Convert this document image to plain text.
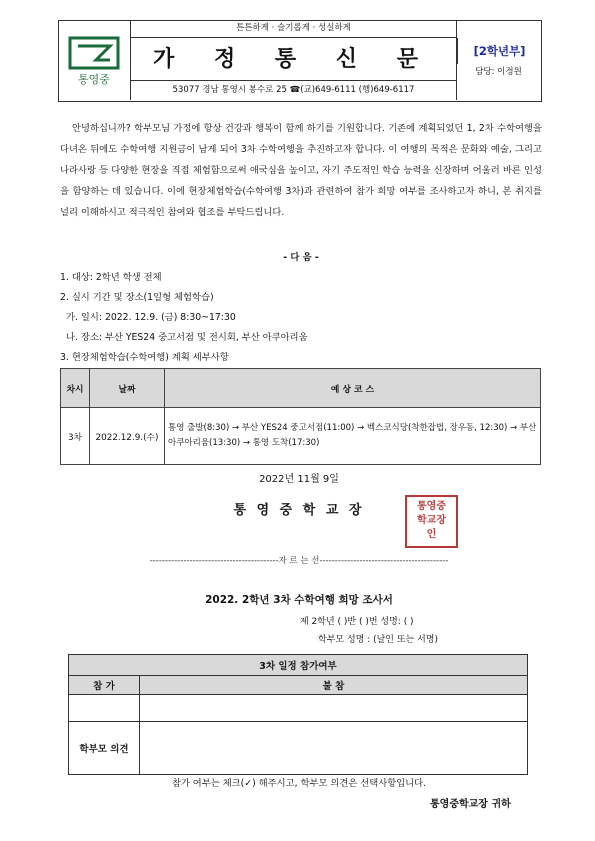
통영중
튼튼하게 · 슬기롭게 · 성실하게
가 정 통 신 문
53077 경남 통영시 봉수로 25 ☎(교)649-6111 (행)649-6117
[2학년부]
담당: 이정원
안녕하십니까? 학부모님 가정에 항상 건강과 행복이 함께 하기를 기원합니다. 기존에 계획되었던 1, 2차 수학여행을 다녀온 뒤에도 수학여행 지원금이 남게 되어 3차 수학여행을 추진하고자 합니다. 이 여행의 목적은 문화와 예술, 그리고 나라사랑 등 다양한 현장을 직접 체험함으로써 애국심을 높이고, 자기 주도적인 학습 능력을 신장하며 어울러 바른 인성을 함양하는 데 있습니다. 이에 현장체험학습(수학여행 3차)과 관련하여 참가 희망 여부를 조사하고자 하니, 본 취지를 널리 이해하시고 적극적인 참여와 협조를 부탁드립니다.
- 다 음 -
1. 대상: 2학년 학생 전체
2. 실시 기간 및 장소(1일형 체험학습)
가. 일시: 2022. 12.9. (금) 8:30~17:30
나. 장소: 부산 YES24 중고서점 및 전시회, 부산 아쿠아리움
3. 현장체험학습(수학여행) 계획 세부사항
차시	날짜	예 상 코 스
3차	2022.12.9.(수)	통영 출발(8:30) → 부산 YES24 중고서점(11:00) → 벡스코식당(착한잡법, 장우동, 12:30) → 부산 아쿠아리움(13:30) → 통영 도착(17:30)
2022년 11월 9일
통 영 중 학 교 장	통영중학교장인
------------------------------------------자 르 는 선------------------------------------------
2022. 2학년 3차 수학여행 희망 조사서
제 2학년 ( )반 ( )번 성명: ( )
학부모 성명 : (날인 또는 서명)
3차 일정 참가여부	
참 가	불 참

학부모 의견	
참가 여부는 체크(✓) 해주시고, 학부모 의견은 선택사항입니다.
통영중학교장 귀하
